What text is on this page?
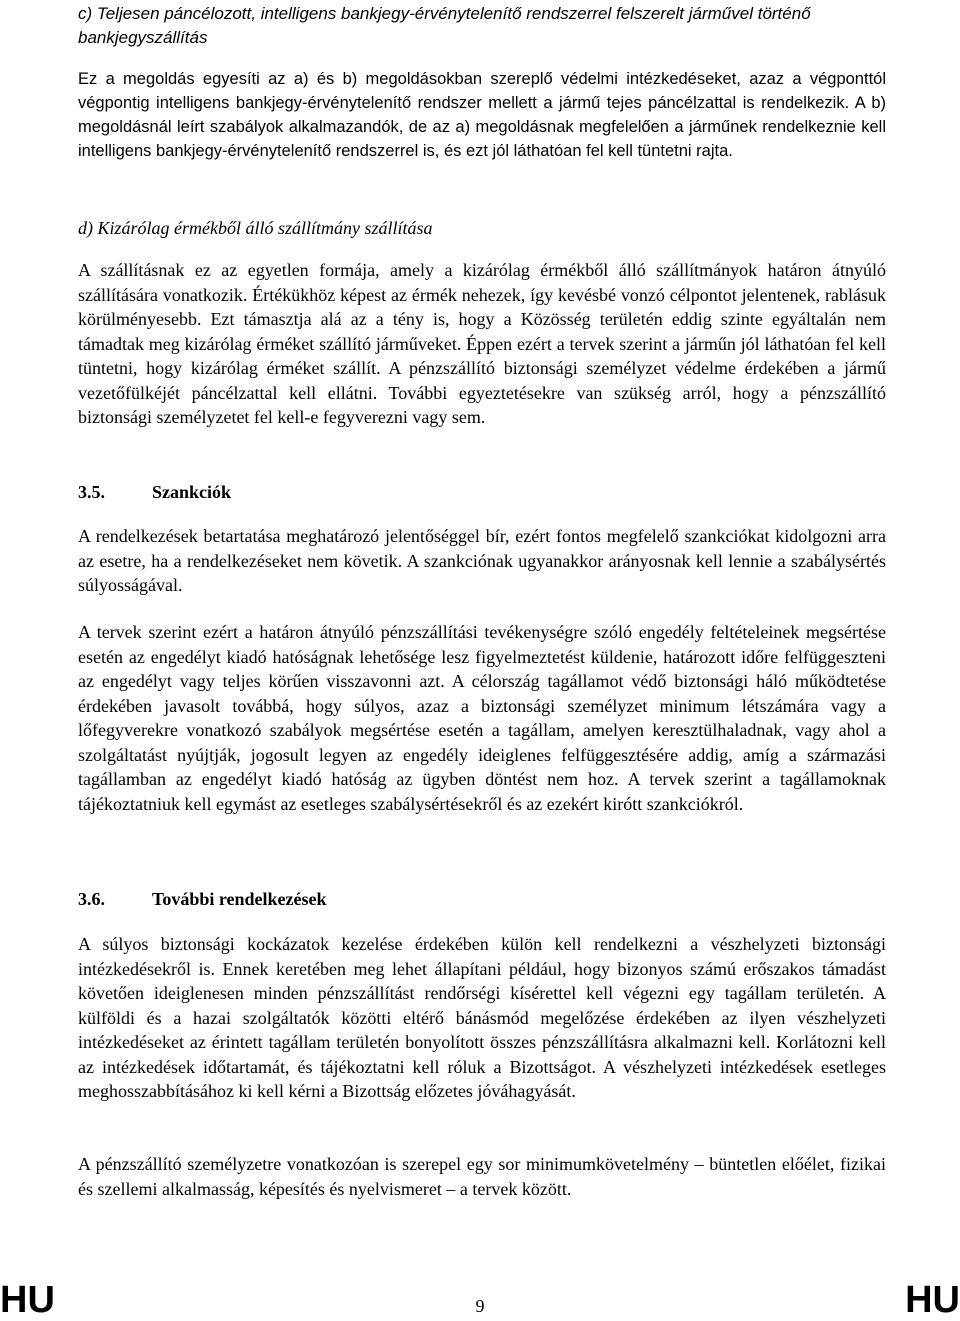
c) Teljesen páncélozott, intelligens bankjegy-érvénytelenítő rendszerrel felszerelt járművel történő bankjegyszállítás

Ez a megoldás egyesíti az a) és b) megoldásokban szereplő védelmi intézkedéseket, azaz a végponttól végpontig intelligens bankjegy-érvénytelenítő rendszer mellett a jármű tejes páncélzattal is rendelkezik. A b) megoldásnál leírt szabályok alkalmazandók, de az a) megoldásnak megfelelően a járműnek rendelkeznie kell intelligens bankjegy-érvénytelenítő rendszerrel is, és ezt jól láthatóan fel kell tüntetni rajta.

d) Kizárólag érmékből álló szállítmány szállítása

A szállításnak ez az egyetlen formája, amely a kizárólag érmékből álló szállítmányok határon átnyúló szállítására vonatkozik. Értékükhöz képest az érmék nehezek, így kevésbé vonzó célpontot jelentenek, rablásuk körülményesebb. Ezt támasztja alá az a tény is, hogy a Közösség területén eddig szinte egyáltalán nem támadtak meg kizárólag érméket szállító járműveket. Éppen ezért a tervek szerint a járműn jól láthatóan fel kell tüntetni, hogy kizárólag érméket szállít. A pénzszállító biztonsági személyzet védelme érdekében a jármű vezetőfülkéjét páncélzattal kell ellátni. További egyeztetésekre van szükség arról, hogy a pénzszállító biztonsági személyzetet fel kell-e fegyverezni vagy sem.

3.5.	Szankciók

A rendelkezések betartatása meghatározó jelentőséggel bír, ezért fontos megfelelő szankciókat kidolgozni arra az esetre, ha a rendelkezéseket nem követik. A szankciónak ugyanakkor arányosnak kell lennie a szabálysértés súlyosságával.

A tervek szerint ezért a határon átnyúló pénzszállítási tevékenységre szóló engedély feltételeinek megsértése esetén az engedélyt kiadó hatóságnak lehetősége lesz figyelmeztetést küldenie, határozott időre felfüggeszteni az engedélyt vagy teljes körűen visszavonni azt. A célország tagállamot védő biztonsági háló működtetése érdekében javasolt továbbá, hogy súlyos, azaz a biztonsági személyzet minimum létszámára vagy a lőfegyverekre vonatkozó szabályok megsértése esetén a tagállam, amelyen keresztülhaladnak, vagy ahol a szolgáltatást nyújtják, jogosult legyen az engedély ideiglenes felfüggesztésére addig, amíg a származási tagállamban az engedélyt kiadó hatóság az ügyben döntést nem hoz. A tervek szerint a tagállamoknak tájékoztatniuk kell egymást az esetleges szabálysértésekről és az ezekért kirótt szankciókról.

3.6.	További rendelkezések

A súlyos biztonsági kockázatok kezelése érdekében külön kell rendelkezni a vészhelyzeti biztonsági intézkedésekről is. Ennek keretében meg lehet állapítani például, hogy bizonyos számú erőszakos támadást követően ideiglenesen minden pénzszállítást rendőrségi kísérettel kell végezni egy tagállam területén. A külföldi és a hazai szolgáltatók közötti eltérő bánásmód megelőzése érdekében az ilyen vészhelyzeti intézkedéseket az érintett tagállam területén bonyolított összes pénzszállításra alkalmazni kell. Korlátozni kell az intézkedések időtartamát, és tájékoztatni kell róluk a Bizottságot. A vészhelyzeti intézkedések esetleges meghosszabbításához ki kell kérni a Bizottság előzetes jóváhagyását.

A pénzszállító személyzetre vonatkozóan is szerepel egy sor minimumkövetelmény – büntetlen előélet, fizikai és szellemi alkalmasság, képesítés és nyelvismeret – a tervek között.

HU	9	HU
